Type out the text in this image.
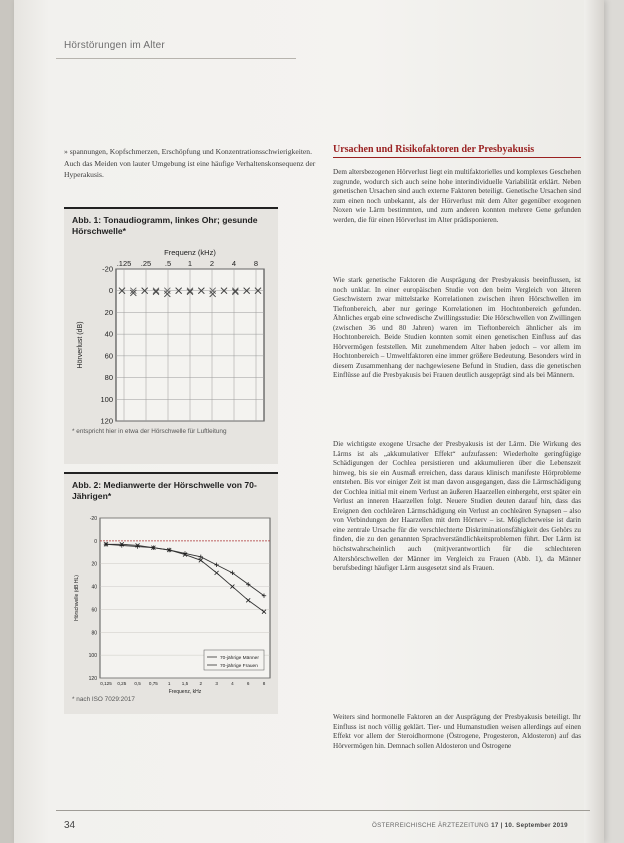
Hörstörungen im Alter
» spannungen, Kopfschmerzen, Erschöpfung und Konzentrationsschwierigkeiten. Auch das Meiden von lauter Umgebung ist eine häufige Verhaltenskonsequenz der Hyperakusis.
Abb. 1: Tonaudiogramm, linkes Ohr; gesunde Hörschwelle*
Frequenz (kHz)
.125 .25 .5 1 2 4 8
-20
0
20
40
60
80
100
120
Hörverlust (dB)
* entspricht hier in etwa der Hörschwelle für Luftleitung
Abb. 2: Medianwerte der Hörschwelle von 70-Jährigen*
-20
0
20
40
60
80
100
120
0,125 0,25 0,5 0,75 1 1,5 2	3	4	6	8
Frequenz, kHz
Hörschwelle (dB HL)
70-jährige Männer
70-jährige Frauen
* nach ISO 7029:2017
Ursachen und Risikofaktoren der Presbyakusis
Dem altersbezogenen Hörverlust liegt ein multifaktorielles und komplexes Geschehen zugrunde, wodurch sich auch seine hohe interindividuelle Variabilität erklärt. Neben genetischen Ursachen sind auch externe Faktoren beteiligt. Genetische Ursachen sind zum einen noch unbekannt, als der Hörverlust mit dem Alter gegenüber exogenen Noxen wie Lärm bestimmten, und zum anderen konnten mehrere Gene gefunden werden, die für einen Hörverlust im Alter prädisponieren.
Wie stark genetische Faktoren die Ausprägung der Presbyakusis beeinflussen, ist noch unklar. In einer europäischen Studie von den beim Vergleich von älteren Geschwistern zwar mittelstarke Korrelationen zwischen ihren Hörschwellen im Tieftonbereich, aber nur geringe Korrelationen im Hochtonbereich gefunden. Ähnliches ergab eine schwedische Zwillingsstudie: Die Hörschwellen von Zwillingen (zwischen 36 und 80 Jahren) waren im Tieftonbereich ähnlicher als im Hochtonbereich. Beide Studien konnten somit einen genetischen Einfluss auf das Hörvermögen feststellen. Mit zunehmendem Alter haben jedoch – vor allem im Hochtonbereich – Umweltfaktoren eine immer größere Bedeutung. Besonders wird in diesem Zusammenhang der nachgewiesene Befund in Studien, dass die genetischen Einflüsse auf die Presbyakusis bei Frauen deutlich ausgeprägt sind als bei Männern.
Die wichtigste exogene Ursache der Presbyakusis ist der Lärm. Die Wirkung des Lärms ist als „akkumulativer Effekt“ aufzufassen: Wiederholte geringfügige Schädigungen der Cochlea persistieren und akkumulieren über die Lebenszeit hinweg, bis sie ein Ausmaß erreichen, dass daraus klinisch manifeste Hörprobleme entstehen. Bis vor einiger Zeit ist man davon ausgegangen, dass die Lärmschädigung der Cochlea initial mit einem Verlust an äußeren Haarzellen einhergeht, erst später ein Verlust an inneren Haarzellen folgt. Neuere Studien deuten darauf hin, dass das Ereignen den cochleären Lärmschädigung ein Verlust an cochleären Synapsen – also von Verbindungen der Haarzellen mit dem Hörnerv – ist. Möglicherweise ist darin eine zentrale Ursache für die verschlechterte Diskriminationsfähigkeit des Gehörs zu finden, die zu den genannten Sprachverständlichkeitsproblemen führt. Der Lärm ist höchstwahrscheinlich auch (mit)verantwortlich für die schlechteren Altershörschwellen der Männer im Vergleich zu Frauen (Abb. 1), da Männer berufsbedingt häufiger Lärm ausgesetzt sind als Frauen.
Weiters sind hormonelle Faktoren an der Ausprägung der Presbyakusis beteiligt. Ihr Einfluss ist noch völlig geklärt. Tier- und Humanstudien weisen allerdings auf einen Effekt vor allem der Steroidhormone (Östrogene, Progesteron, Aldosteron) auf das Hörvermögen hin. Demnach sollen Aldosteron und Östrogene
34	ÖSTERREICHISCHE ÄRZTEZEITUNG 17 | 10. September 2019
